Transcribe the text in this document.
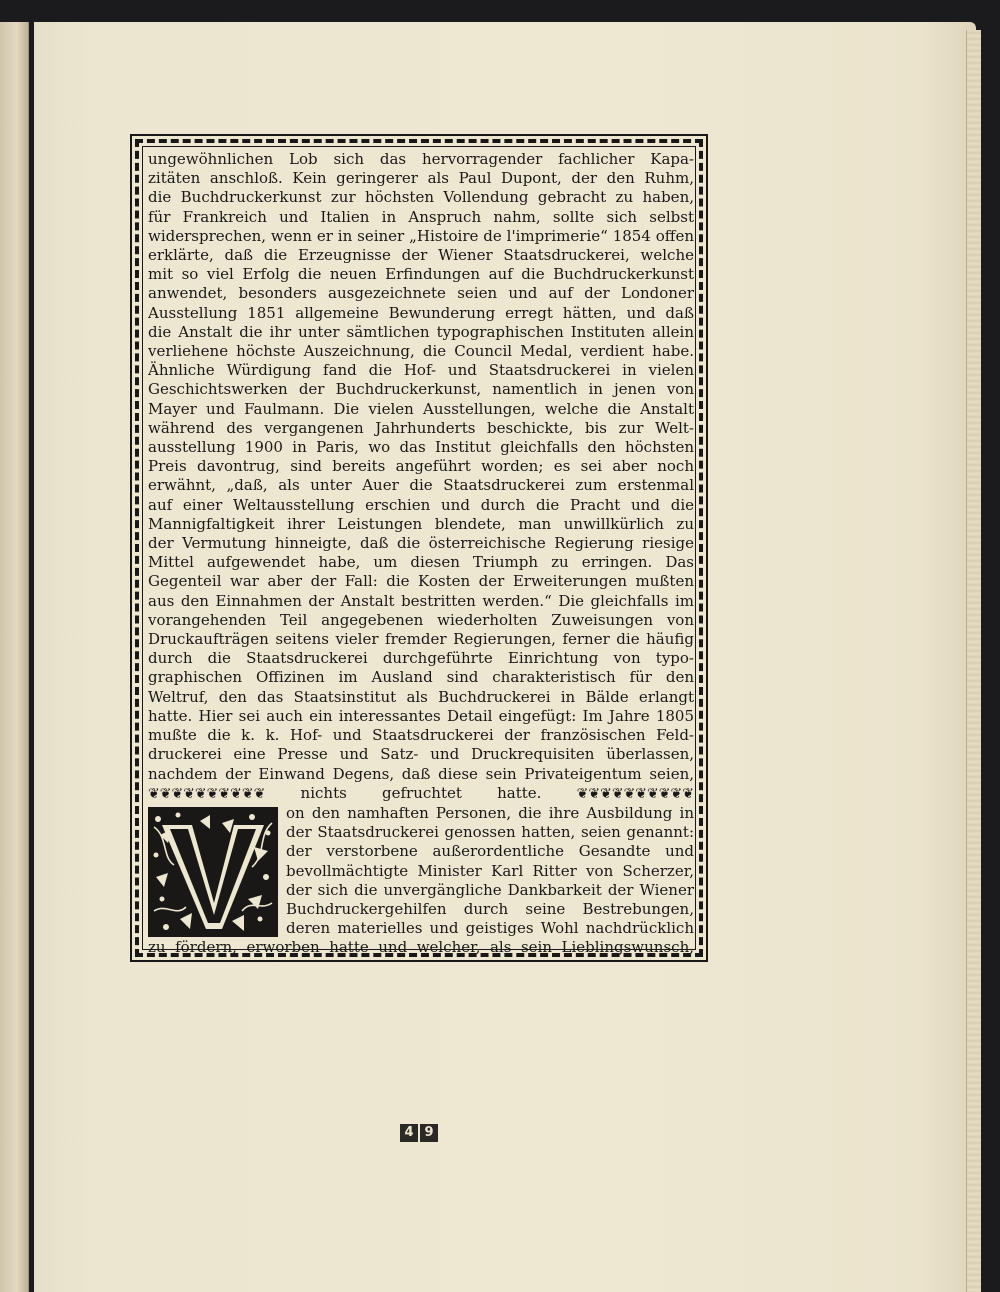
ungewöhnlichen Lob sich das hervorragender fachlicher Kapa-
zitäten anschloß. Kein geringerer als Paul Dupont, der den Ruhm,
die Buchdruckerkunst zur höchsten Vollendung gebracht zu haben,
für Frankreich und Italien in Anspruch nahm, sollte sich selbst
widersprechen, wenn er in seiner „Histoire de l'imprimerie“ 1854 offen
erklärte, daß die Erzeugnisse der Wiener Staatsdruckerei, welche
mit so viel Erfolg die neuen Erfindungen auf die Buchdruckerkunst
anwendet, besonders ausgezeichnete seien und auf der Londoner
Ausstellung 1851 allgemeine Bewunderung erregt hätten, und daß
die Anstalt die ihr unter sämtlichen typographischen Instituten allein
verliehene höchste Auszeichnung, die Council Medal, verdient habe.
Ähnliche Würdigung fand die Hof- und Staatsdruckerei in vielen
Geschichtswerken der Buchdruckerkunst, namentlich in jenen von
Mayer und Faulmann. Die vielen Ausstellungen, welche die Anstalt
während des vergangenen Jahrhunderts beschickte, bis zur Welt-
ausstellung 1900 in Paris, wo das Institut gleichfalls den höchsten
Preis davontrug, sind bereits angeführt worden; es sei aber noch
erwähnt, „daß, als unter Auer die Staatsdruckerei zum erstenmal
auf einer Weltausstellung erschien und durch die Pracht und die
Mannigfaltigkeit ihrer Leistungen blendete, man unwillkürlich zu
der Vermutung hinneigte, daß die österreichische Regierung riesige
Mittel aufgewendet habe, um diesen Triumph zu erringen. Das
Gegenteil war aber der Fall: die Kosten der Erweiterungen mußten
aus den Einnahmen der Anstalt bestritten werden.“ Die gleichfalls im
vorangehenden Teil angegebenen wiederholten Zuweisungen von
Druckaufträgen seitens vieler fremder Regierungen, ferner die häufig
durch die Staatsdruckerei durchgeführte Einrichtung von typo-
graphischen Offizinen im Ausland sind charakteristisch für den
Weltruf, den das Staatsinstitut als Buchdruckerei in Bälde erlangt
hatte. Hier sei auch ein interessantes Detail eingefügt: Im Jahre 1805
mußte die k. k. Hof- und Staatsdruckerei der französischen Feld-
druckerei eine Presse und Satz- und Druckrequisiten überlassen,
nachdem der Einwand Degens, daß diese sein Privateigentum seien,
❦❦❦❦❦❦❦❦❦❦ nichts gefruchtet hatte.	❦❦❦❦❦❦❦❦❦❦
V
on den namhaften Personen, die ihre Ausbildung in
der Staatsdruckerei genossen hatten, seien genannt:
der verstorbene außerordentliche Gesandte und
bevollmächtigte Minister Karl Ritter von Scherzer,
der sich die unvergängliche Dankbarkeit der Wiener
Buchdruckergehilfen durch seine Bestrebungen,
deren materielles und geistiges Wohl nachdrücklich
zu fördern, erworben hatte und welcher, als sein Lieblingswunsch,
4 9
